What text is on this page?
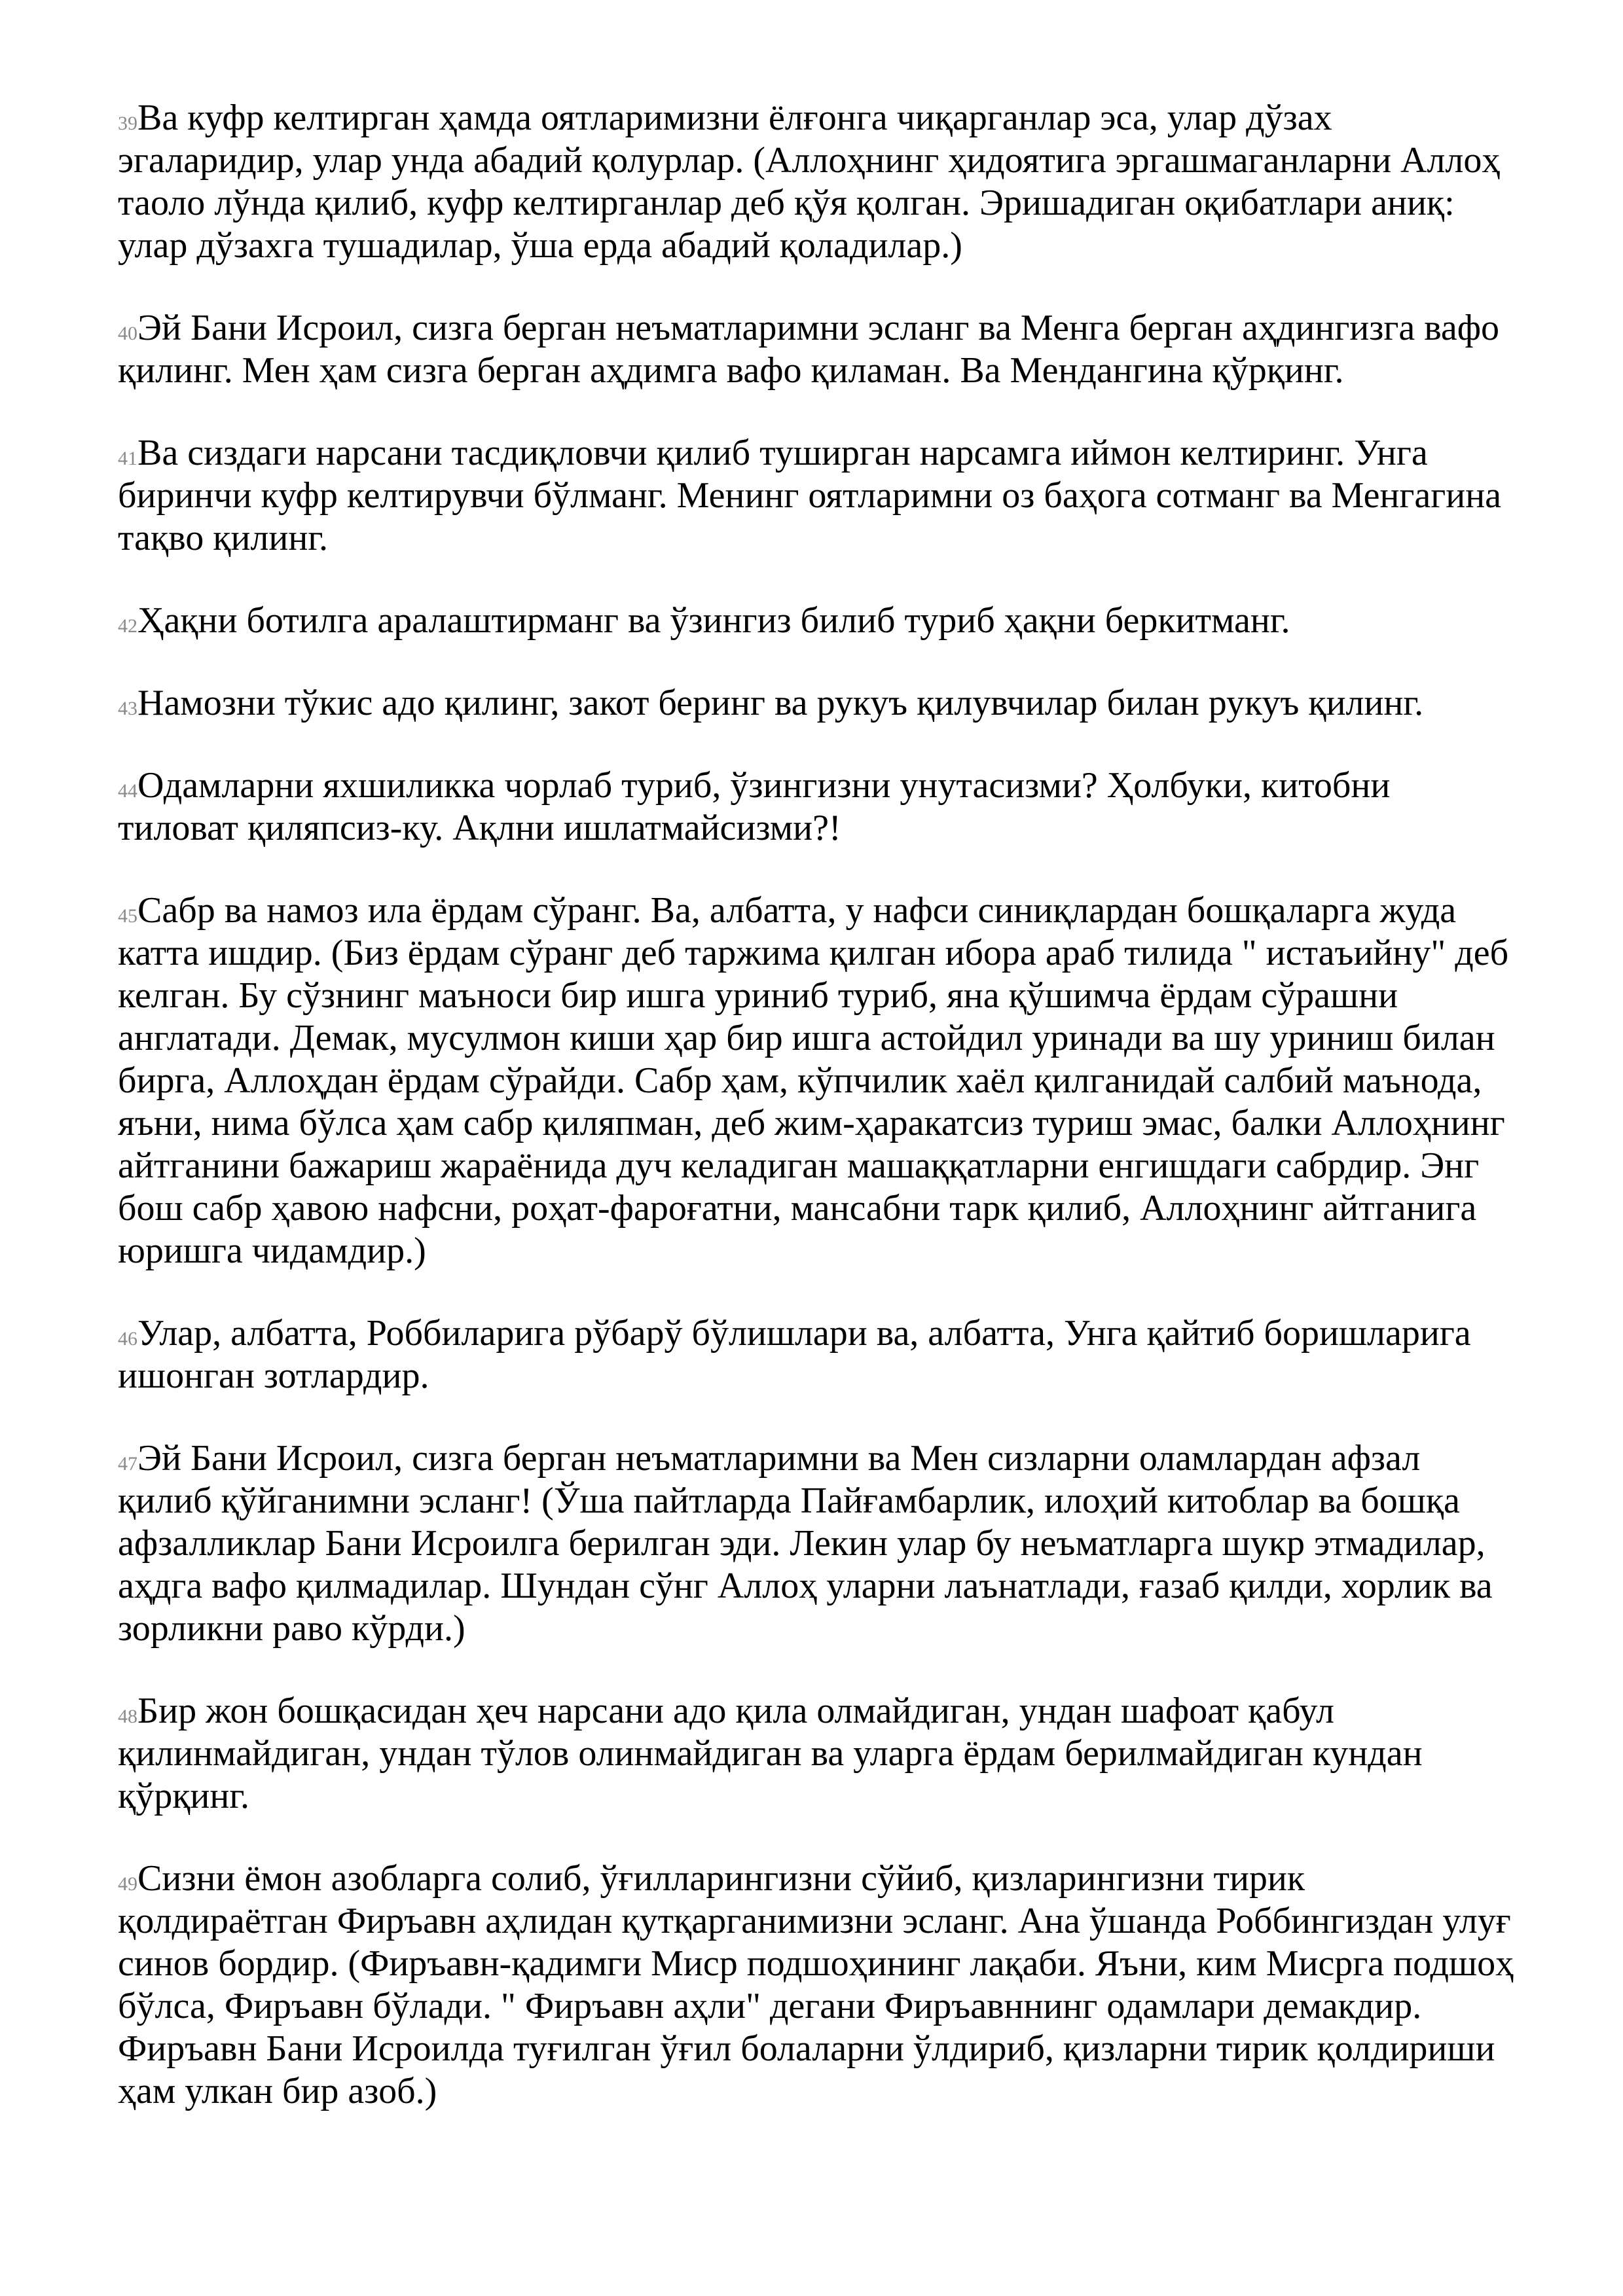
39Ва куфр келтирган ҳамда оятларимизни ёлғонга чиқарганлар эса, улар дўзах эгаларидир, улар унда абадий қолурлар. (Аллоҳнинг ҳидоятига эргашмаганларни Аллоҳ таоло лўнда қилиб, куфр келтирганлар деб қўя қолган. Эришадиган оқибатлари аниқ: улар дўзахга тушадилар, ўша ерда абадий қоладилар.)

40Эй Бани Исроил, сизга берган неъматларимни эсланг ва Менга берган аҳдингизга вафо қилинг. Мен ҳам сизга берган аҳдимга вафо қиламан. Ва Мендангина қўрқинг.

41Ва сиздаги нарсани тасдиқловчи қилиб туширган нарсамга иймон келтиринг. Унга биринчи куфр келтирувчи бўлманг. Менинг оятларимни оз баҳога сотманг ва Менгагина тақво қилинг.

42Ҳақни ботилга аралаштирманг ва ўзингиз билиб туриб ҳақни беркитманг.

43Намозни тўкис адо қилинг, закот беринг ва рукуъ қилувчилар билан рукуъ қилинг.

44Одамларни яхшиликка чорлаб туриб, ўзингизни унутасизми? Ҳолбуки, китобни тиловат қиляпсиз-ку. Ақлни ишлатмайсизми?!

45Сабр ва намоз ила ёрдам сўранг. Ва, албатта, у нафси синиқлардан бошқаларга жуда катта ишдир. (Биз ёрдам сўранг деб таржима қилган ибора араб тилида " истаъийну" деб келган. Бу сўзнинг маъноси бир ишга уриниб туриб, яна қўшимча ёрдам сўрашни англатади. Демак, мусулмон киши ҳар бир ишга астойдил уринади ва шу уриниш билан бирга, Аллоҳдан ёрдам сўрайди. Сабр ҳам, кўпчилик хаёл қилганидай салбий маънода, яъни, нима бўлса ҳам сабр қиляпман, деб жим-ҳаракатсиз туриш эмас, балки Аллоҳнинг айтганини бажариш жараёнида дуч келадиган машаққатларни енгишдаги сабрдир. Энг бош сабр ҳавою нафсни, роҳат-фароғатни, мансабни тарк қилиб, Аллоҳнинг айтганига юришга чидамдир.)

46Улар, албатта, Роббиларига рўбарў бўлишлари ва, албатта, Унга қайтиб боришларига ишонган зотлардир.

47Эй Бани Исроил, сизга берган неъматларимни ва Мен сизларни оламлардан афзал қилиб қўйганимни эсланг! (Ўша пайтларда Пайғамбарлик, илоҳий китоблар ва бошқа афзалликлар Бани Исроилга берилган эди. Лекин улар бу неъматларга шукр этмадилар, аҳдга вафо қилмадилар. Шундан сўнг Аллоҳ уларни лаънатлади, ғазаб қилди, хорлик ва зорликни раво кўрди.)

48Бир жон бошқасидан ҳеч нарсани адо қила олмайдиган, ундан шафоат қабул қилинмайдиган, ундан тўлов олинмайдиган ва уларга ёрдам берилмайдиган кундан қўрқинг.

49Сизни ёмон азобларга солиб, ўғилларингизни сўйиб, қизларингизни тирик қолдираётган Фиръавн аҳлидан қутқарганимизни эсланг. Ана ўшанда Роббингиздан улуғ синов бордир. (Фиръавн-қадимги Миср подшоҳининг лақаби. Яъни, ким Мисрга подшоҳ бўлса, Фиръавн бўлади. " Фиръавн аҳли" дегани Фиръавннинг одамлари демакдир. Фиръавн Бани Исроилда туғилган ўғил болаларни ўлдириб, қизларни тирик қолдириши ҳам улкан бир азоб.)
